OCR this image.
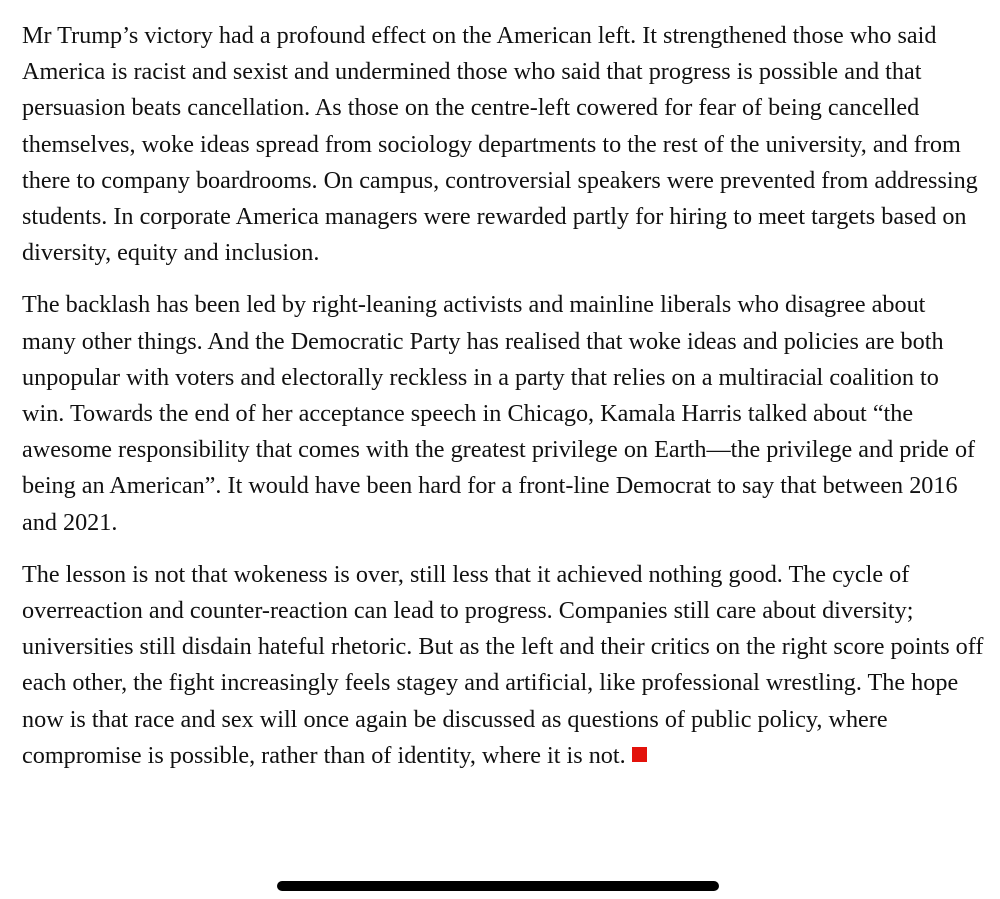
Mr Trump’s victory had a profound effect on the American left. It strengthened those who said America is racist and sexist and undermined those who said that progress is possible and that persuasion beats cancellation. As those on the centre-left cowered for fear of being cancelled themselves, woke ideas spread from sociology departments to the rest of the university, and from there to company boardrooms. On campus, controversial speakers were prevented from addressing students. In corporate America managers were rewarded partly for hiring to meet targets based on diversity, equity and inclusion.

The backlash has been led by right-leaning activists and mainline liberals who disagree about many other things. And the Democratic Party has realised that woke ideas and policies are both unpopular with voters and electorally reckless in a party that relies on a multiracial coalition to win. Towards the end of her acceptance speech in Chicago, Kamala Harris talked about “the awesome responsibility that comes with the greatest privilege on Earth—the privilege and pride of being an American”. It would have been hard for a front-line Democrat to say that between 2016 and 2021.

The lesson is not that wokeness is over, still less that it achieved nothing good. The cycle of overreaction and counter-reaction can lead to progress. Companies still care about diversity; universities still disdain hateful rhetoric. But as the left and their critics on the right score points off each other, the fight increasingly feels stagey and artificial, like professional wrestling. The hope now is that race and sex will once again be discussed as questions of public policy, where compromise is possible, rather than of identity, where it is not.
